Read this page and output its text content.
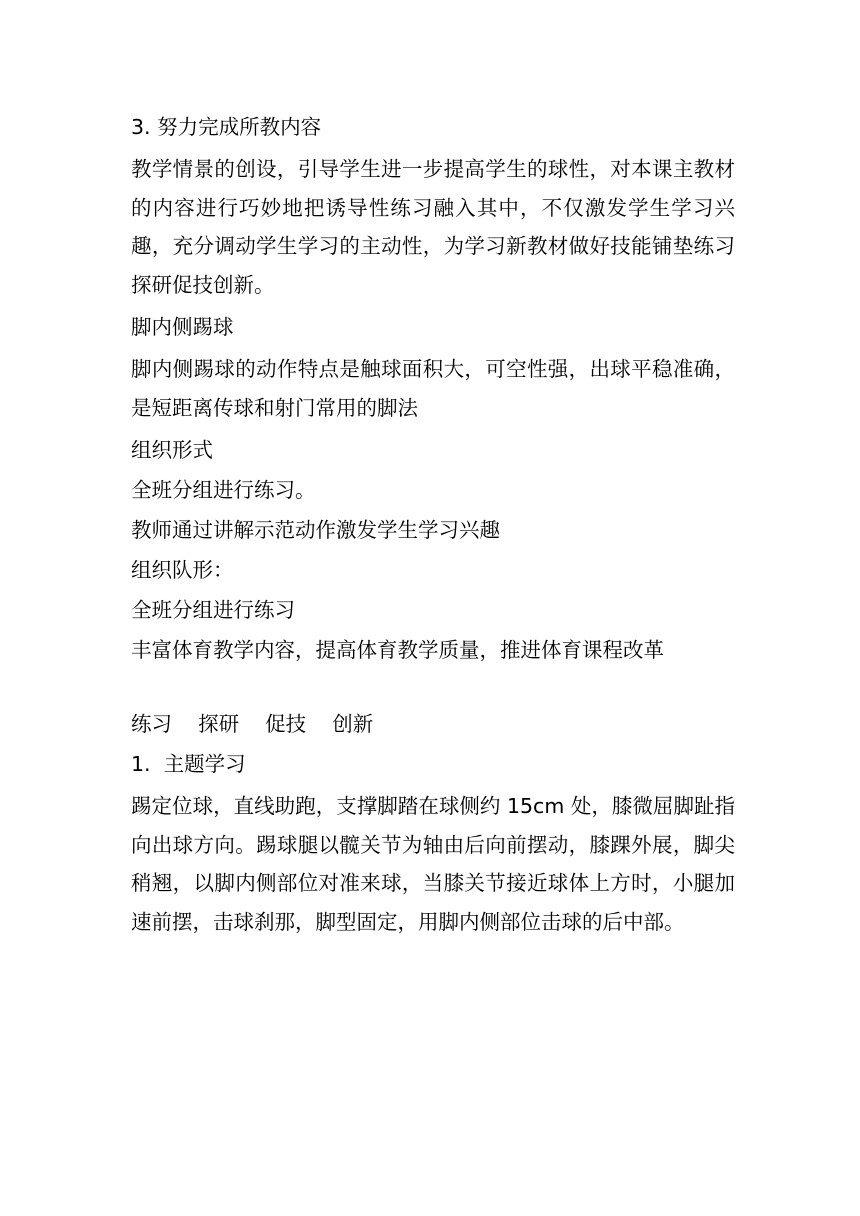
3. 努力完成所教内容

教学情景的创设，引导学生进一步提高学生的球性，对本课主教材的内容进行巧妙地把诱导性练习融入其中，不仅激发学生学习兴趣，充分调动学生学习的主动性，为学习新教材做好技能铺垫练习探研促技创新。

脚内侧踢球

脚内侧踢球的动作特点是触球面积大，可空性强，出球平稳准确，是短距离传球和射门常用的脚法

组织形式

全班分组进行练习。

教师通过讲解示范动作激发学生学习兴趣

组织队形：

全班分组进行练习

丰富体育教学内容，提高体育教学质量，推进体育课程改革

练习    探研    促技    创新

1.  主题学习

踢定位球，直线助跑，支撑脚踏在球侧约 15cm 处，膝微屈脚趾指向出球方向。踢球腿以髋关节为轴由后向前摆动，膝踝外展，脚尖稍翘，以脚内侧部位对准来球，当膝关节接近球体上方时，小腿加速前摆，击球刹那，脚型固定，用脚内侧部位击球的后中部。
